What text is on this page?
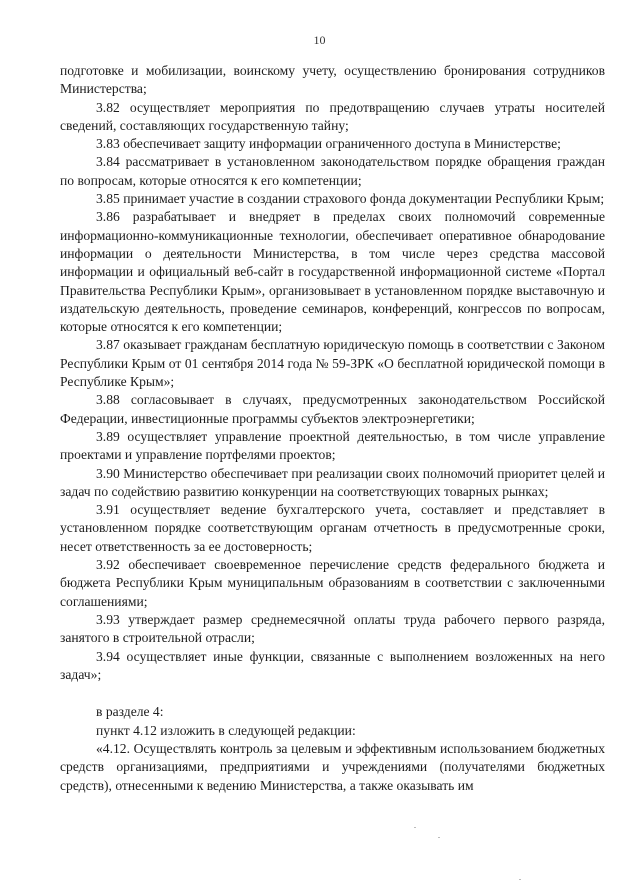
10

подготовке и мобилизации, воинскому учету, осуществлению бронирования сотрудников Министерства;

3.82 осуществляет мероприятия по предотвращению случаев утраты носителей сведений, составляющих государственную тайну;

3.83 обеспечивает защиту информации ограниченного доступа в Министерстве;

3.84 рассматривает в установленном законодательством порядке обращения граждан по вопросам, которые относятся к его компетенции;

3.85 принимает участие в создании страхового фонда документации Республики Крым;

3.86 разрабатывает и внедряет в пределах своих полномочий современные информационно-коммуникационные технологии, обеспечивает оперативное обнародование информации о деятельности Министерства, в том числе через средства массовой информации и официальный веб-сайт в государственной информационной системе «Портал Правительства Республики Крым», организовывает в установленном порядке выставочную и издательскую деятельность, проведение семинаров, конференций, конгрессов по вопросам, которые относятся к его компетенции;

3.87 оказывает гражданам бесплатную юридическую помощь в соответствии с Законом Республики Крым от 01 сентября 2014 года № 59-ЗРК «О бесплатной юридической помощи в Республике Крым»;

3.88 согласовывает в случаях, предусмотренных законодательством Российской Федерации, инвестиционные программы субъектов электроэнергетики;

3.89 осуществляет управление проектной деятельностью, в том числе управление проектами и управление портфелями проектов;

3.90 Министерство обеспечивает при реализации своих полномочий приоритет целей и задач по содействию развитию конкуренции на соответствующих товарных рынках;

3.91 осуществляет ведение бухгалтерского учета, составляет и представляет в установленном порядке соответствующим органам отчетность в предусмотренные сроки, несет ответственность за ее достоверность;

3.92 обеспечивает своевременное перечисление средств федерального бюджета и бюджета Республики Крым муниципальным образованиям в соответствии с заключенными соглашениями;

3.93 утверждает размер среднемесячной оплаты труда рабочего первого разряда, занятого в строительной отрасли;

3.94 осуществляет иные функции, связанные с выполнением возложенных на него задач»;

в разделе 4:

пункт 4.12 изложить в следующей редакции:

«4.12. Осуществлять контроль за целевым и эффективным использованием бюджетных средств организациями, предприятиями и учреждениями (получателями бюджетных средств), отнесенными к ведению Министерства, а также оказывать им
